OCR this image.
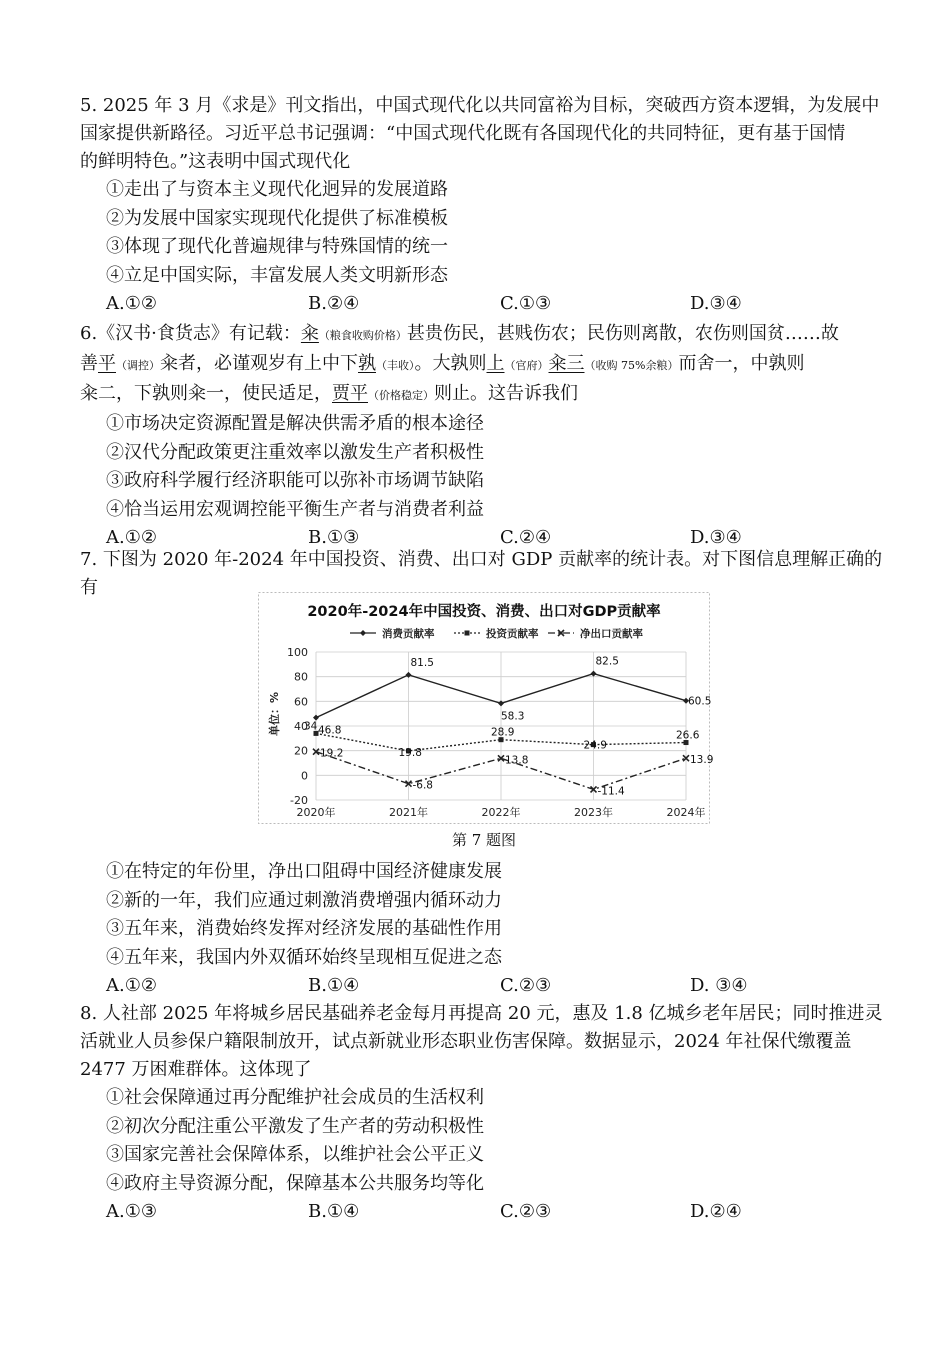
5. 2025 年 3 月《求是》刊文指出，中国式现代化以共同富裕为目标，突破西方资本逻辑，为发展中
国家提供新路径。习近平总书记强调：“中国式现代化既有各国现代化的共同特征，更有基于国情
的鲜明特色。”这表明中国式现代化
①走出了与资本主义现代化迥异的发展道路
②为发展中国家实现现代化提供了标准模板
③体现了现代化普遍规律与特殊国情的统一
④立足中国实际，丰富发展人类文明新形态
A.①②	B.②④	C.①③	D.③④
6.《汉书·食货志》有记载：籴（粮食收购价格）甚贵伤民，甚贱伤农；民伤则离散，农伤则国贫……故
善平（调控）籴者，必谨观岁有上中下孰（丰收）。大孰则上（官府）籴三（收购 75%余粮）而舍一，中孰则
籴二，下孰则籴一，使民适足，贾平（价格稳定）则止。这告诉我们
①市场决定资源配置是解决供需矛盾的根本途径
②汉代分配政策更注重效率以激发生产者积极性
③政府科学履行经济职能可以弥补市场调节缺陷
④恰当运用宏观调控能平衡生产者与消费者利益
A.①②	B.①③	C.②④	D.③④
7. 下图为 2020 年-2024 年中国投资、消费、出口对 GDP 贡献率的统计表。对下图信息理解正确的
有
2020年-2024年中国投资、消费、出口对GDP贡献率
消费贡献率	投资贡献率	净出口贡献率
100
80
60
40
20
0
-20
2020年	2021年	2022年	2023年	2024年
单位：%	46.8
81.5
58.3
82.5
60.5
34
19.8
28.9
24.9
26.6
19.2
-6.8
13.8
-11.4
13.9
第 7 题图
①在特定的年份里，净出口阻碍中国经济健康发展
②新的一年，我们应通过刺激消费增强内循环动力
③五年来，消费始终发挥对经济发展的基础性作用
④五年来，我国内外双循环始终呈现相互促进之态
A.①②	B.①④	C.②③	D. ③④
8. 人社部 2025 年将城乡居民基础养老金每月再提高 20 元，惠及 1.8 亿城乡老年居民；同时推进灵
活就业人员参保户籍限制放开，试点新就业形态职业伤害保障。数据显示，2024 年社保代缴覆盖
2477 万困难群体。这体现了
①社会保障通过再分配维护社会成员的生活权利
②初次分配注重公平激发了生产者的劳动积极性
③国家完善社会保障体系，以维护社会公平正义
④政府主导资源分配，保障基本公共服务均等化
A.①③	B.①④	C.②③	D.②④
